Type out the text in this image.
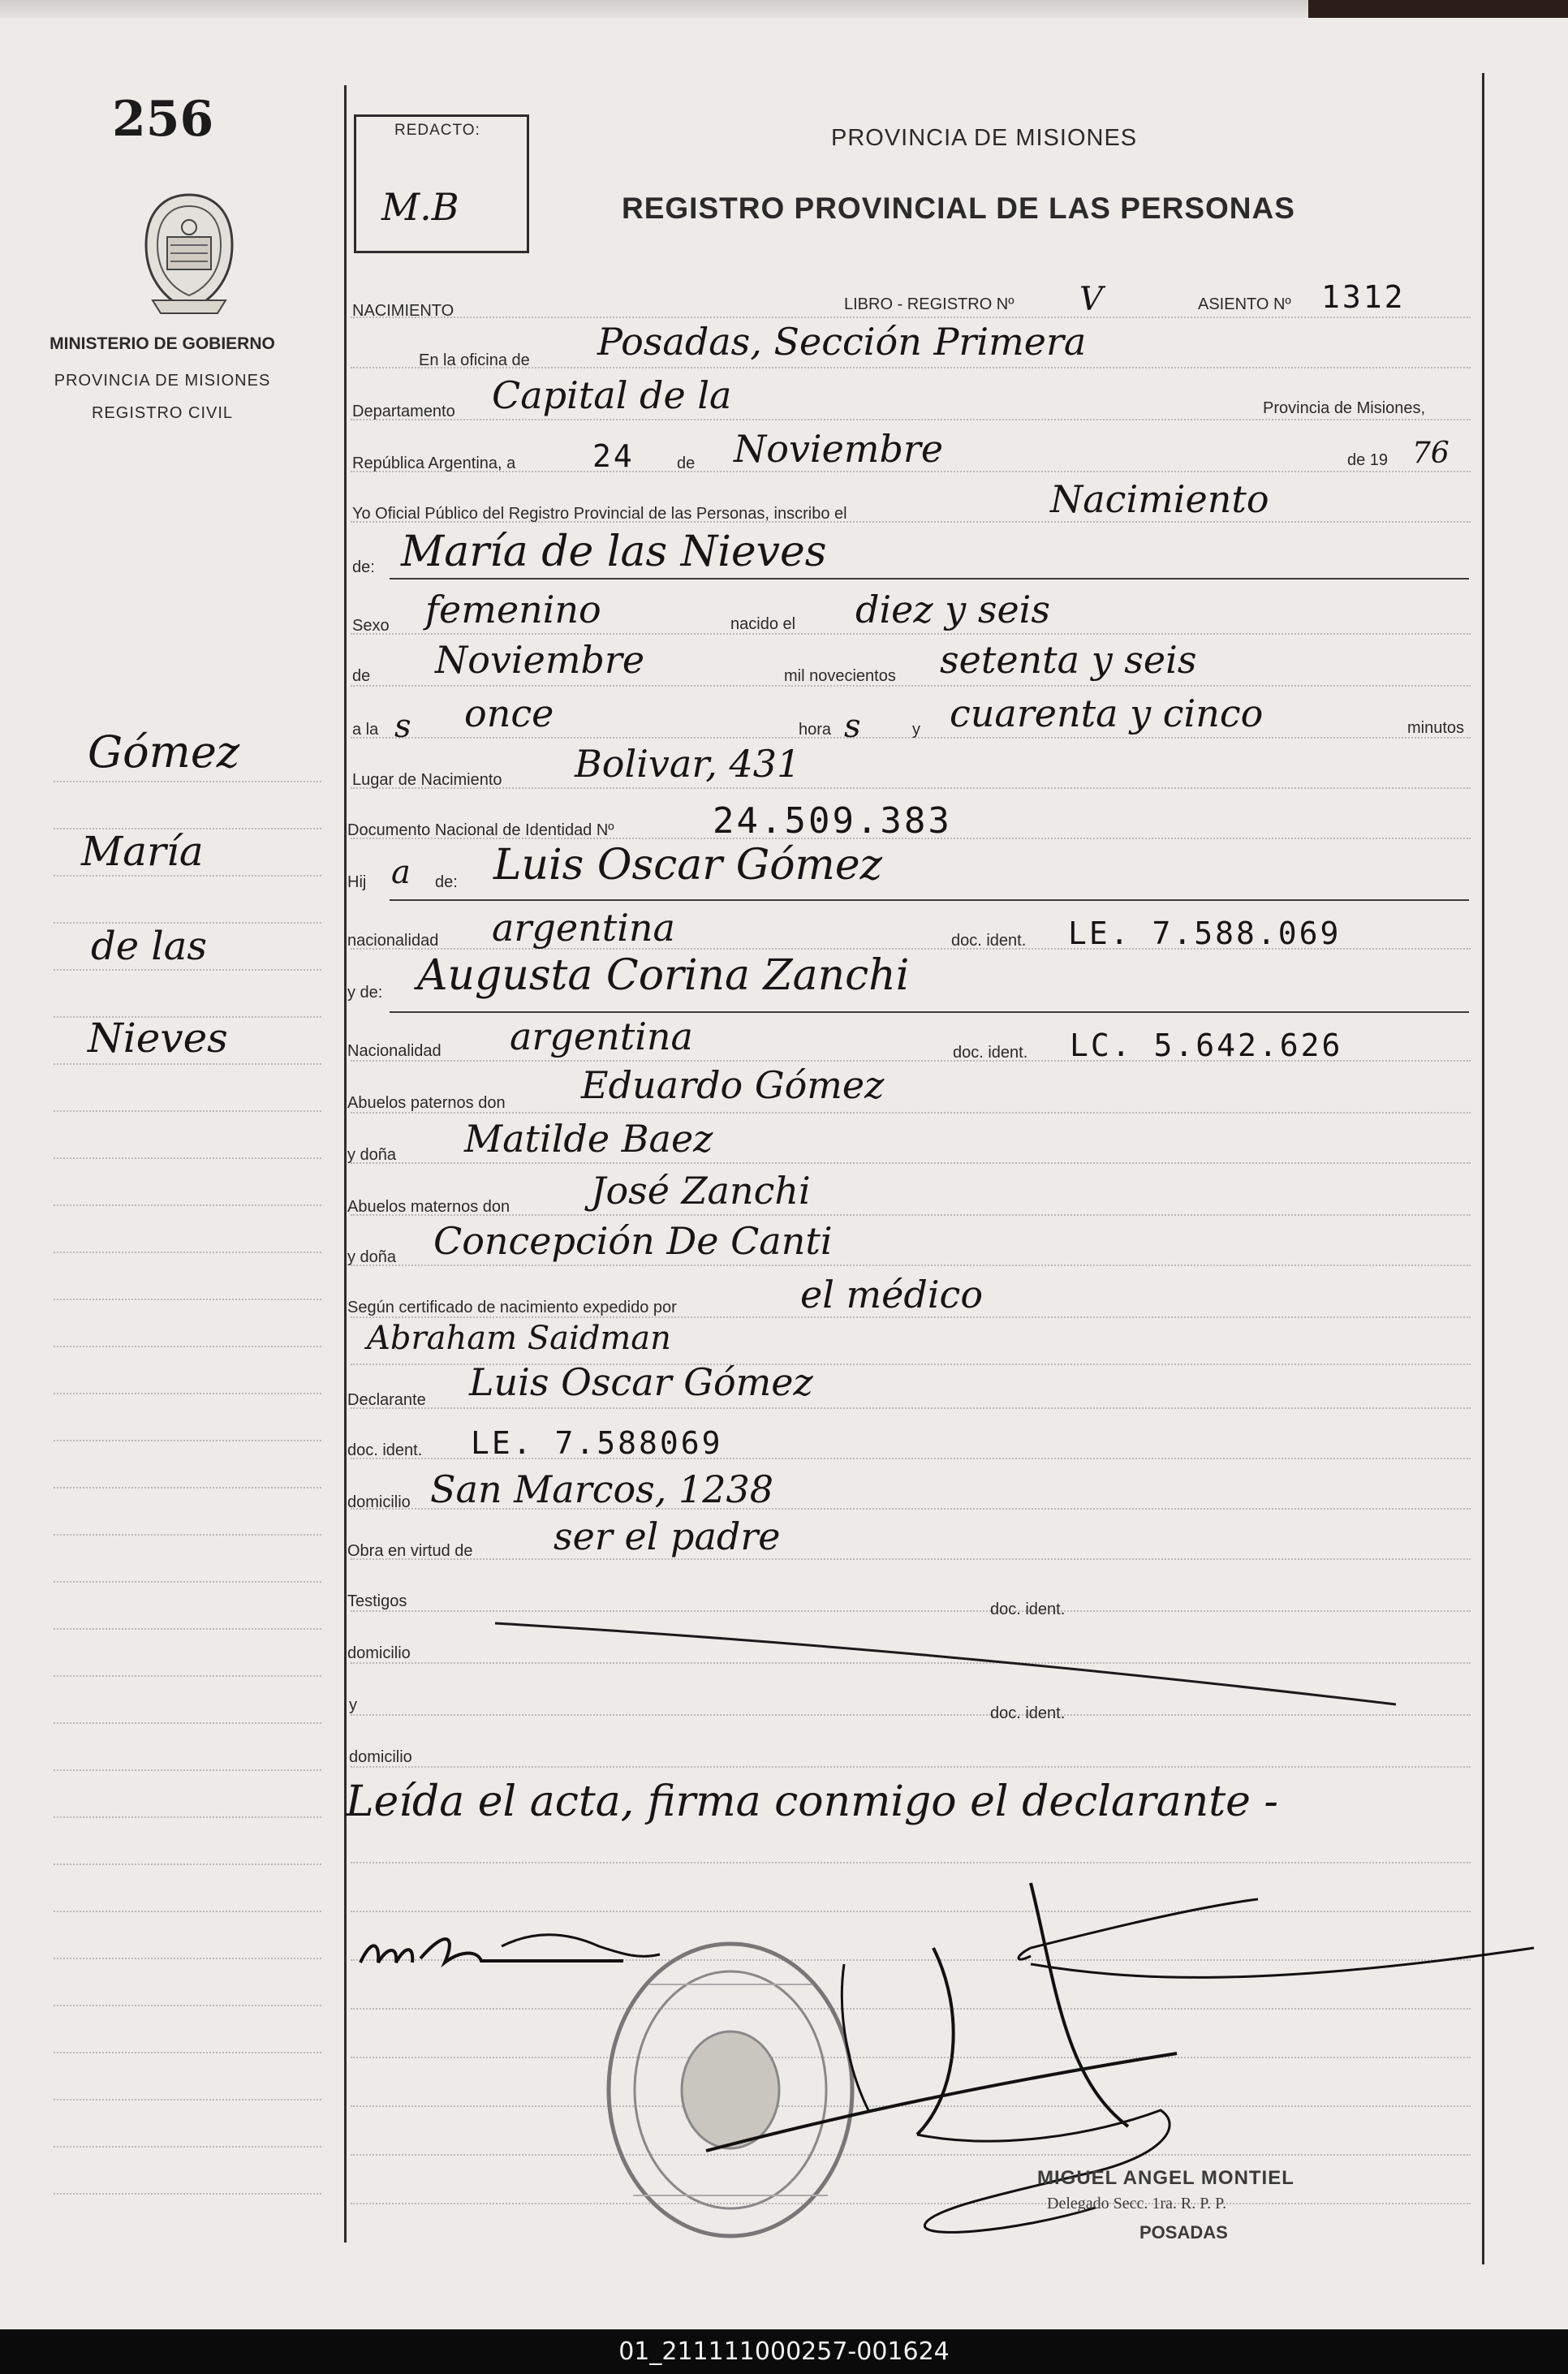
256
MINISTERIO DE GOBIERNO
PROVINCIA DE MISIONES
REGISTRO CIVIL
Gómez
María
de las
Nieves
REDACTO:
M.B
PROVINCIA DE MISIONES
REGISTRO PROVINCIAL DE LAS PERSONAS
NACIMIENTO	LIBRO - REGISTRO Nº V	ASIENTO Nº 1312
En la oficina de Posadas, Sección Primera
Departamento Capital de la	Provincia de Misiones,
República Argentina, a 24	de Noviembre	de 19 76
Yo Oficial Público del Registro Provincial de las Personas, inscribo el	Nacimiento
de: María de las Nieves
Sexo femenino	nacido el diez y seis
de Noviembre	mil novecientos setenta y seis
a la s once	hora s	y cuarenta y cinco	minutos
Lugar de Nacimiento Bolivar, 431
Documento Nacional de Identidad Nº	24.509.383
Hij a de: Luis Oscar Gómez
nacionalidad argentina	doc. ident. LE. 7.588.069
y de: Augusta Corina Zanchi
Nacionalidad argentina	doc. ident. LC. 5.642.626
Abuelos paternos don Eduardo Gómez
y doña Matilde Baez
Abuelos maternos don José Zanchi
y doña Concepción De Canti
Según certificado de nacimiento expedido por	el médico
Abraham Saidman
Declarante Luis Oscar Gómez
doc. ident. LE. 7.588069
domicilio San Marcos, 1238
Obra en virtud de ser el padre
Testigos	doc. ident.
domicilio
y	doc. ident.
domicilio
Leída el acta, firma conmigo el declarante -
MIGUEL ANGEL MONTIEL
Delegado Secc. 1ra. R. P. P.
POSADAS
01_211111000257-001624
